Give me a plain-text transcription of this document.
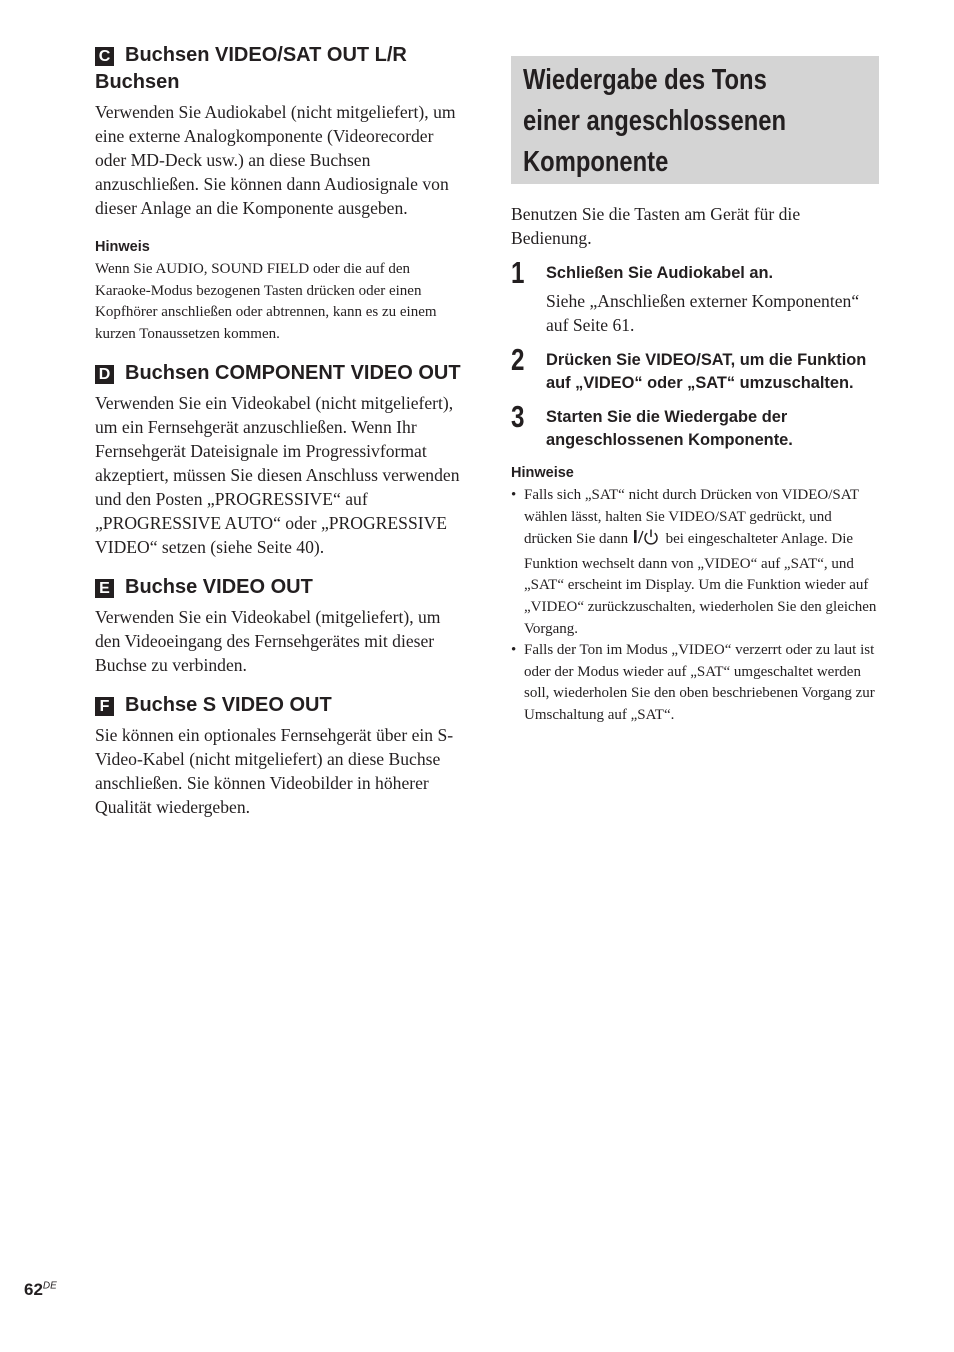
C Buchsen VIDEO/SAT OUT L/R Buchsen

Verwenden Sie Audiokabel (nicht mitgeliefert), um eine externe Analogkomponente (Videorecorder oder MD-Deck usw.) an diese Buchsen anzuschließen. Sie können dann Audiosignale von dieser Anlage an die Komponente ausgeben.

Hinweis

Wenn Sie AUDIO, SOUND FIELD oder die auf den Karaoke-Modus bezogenen Tasten drücken oder einen Kopfhörer anschließen oder abtrennen, kann es zu einem kurzen Tonaussetzen kommen.

D Buchsen COMPONENT VIDEO OUT

Verwenden Sie ein Videokabel (nicht mitgeliefert), um ein Fernsehgerät anzuschließen. Wenn Ihr Fernsehgerät Dateisignale im Progressivformat akzeptiert, müssen Sie diesen Anschluss verwenden und den Posten „PROGRESSIVE“ auf „PROGRESSIVE AUTO“ oder „PROGRESSIVE VIDEO“ setzen (siehe Seite 40).

E Buchse VIDEO OUT

Verwenden Sie ein Videokabel (mitgeliefert), um den Videoeingang des Fernsehgerätes mit dieser Buchse zu verbinden.

F Buchse S VIDEO OUT

Sie können ein optionales Fernsehgerät über ein S-Video-Kabel (nicht mitgeliefert) an diese Buchse anschließen. Sie können Videobilder in höherer Qualität wiedergeben.

Wiedergabe des Tons
einer angeschlossenen
Komponente

Benutzen Sie die Tasten am Gerät für die Bedienung.

1 Schließen Sie Audiokabel an.

Siehe „Anschließen externer Komponenten“ auf Seite 61.

2 Drücken Sie VIDEO/SAT, um die Funktion auf „VIDEO“ oder „SAT“ umzuschalten.

3 Starten Sie die Wiedergabe der angeschlossenen Komponente.

Hinweise

• Falls sich „SAT“ nicht durch Drücken von VIDEO/SAT wählen lässt, halten Sie VIDEO/SAT gedrückt, und drücken Sie dann	bei eingeschalteter Anlage. Die Funktion wechselt dann von „VIDEO“ auf „SAT“, und „SAT“ erscheint im Display. Um die Funktion wieder auf „VIDEO“ zurückzuschalten, wiederholen Sie den gleichen Vorgang.
• Falls der Ton im Modus „VIDEO“ verzerrt oder zu laut ist oder der Modus wieder auf „SAT“ umgeschaltet werden soll, wiederholen Sie den oben beschriebenen Vorgang zur Umschaltung auf „SAT“.
62DE
